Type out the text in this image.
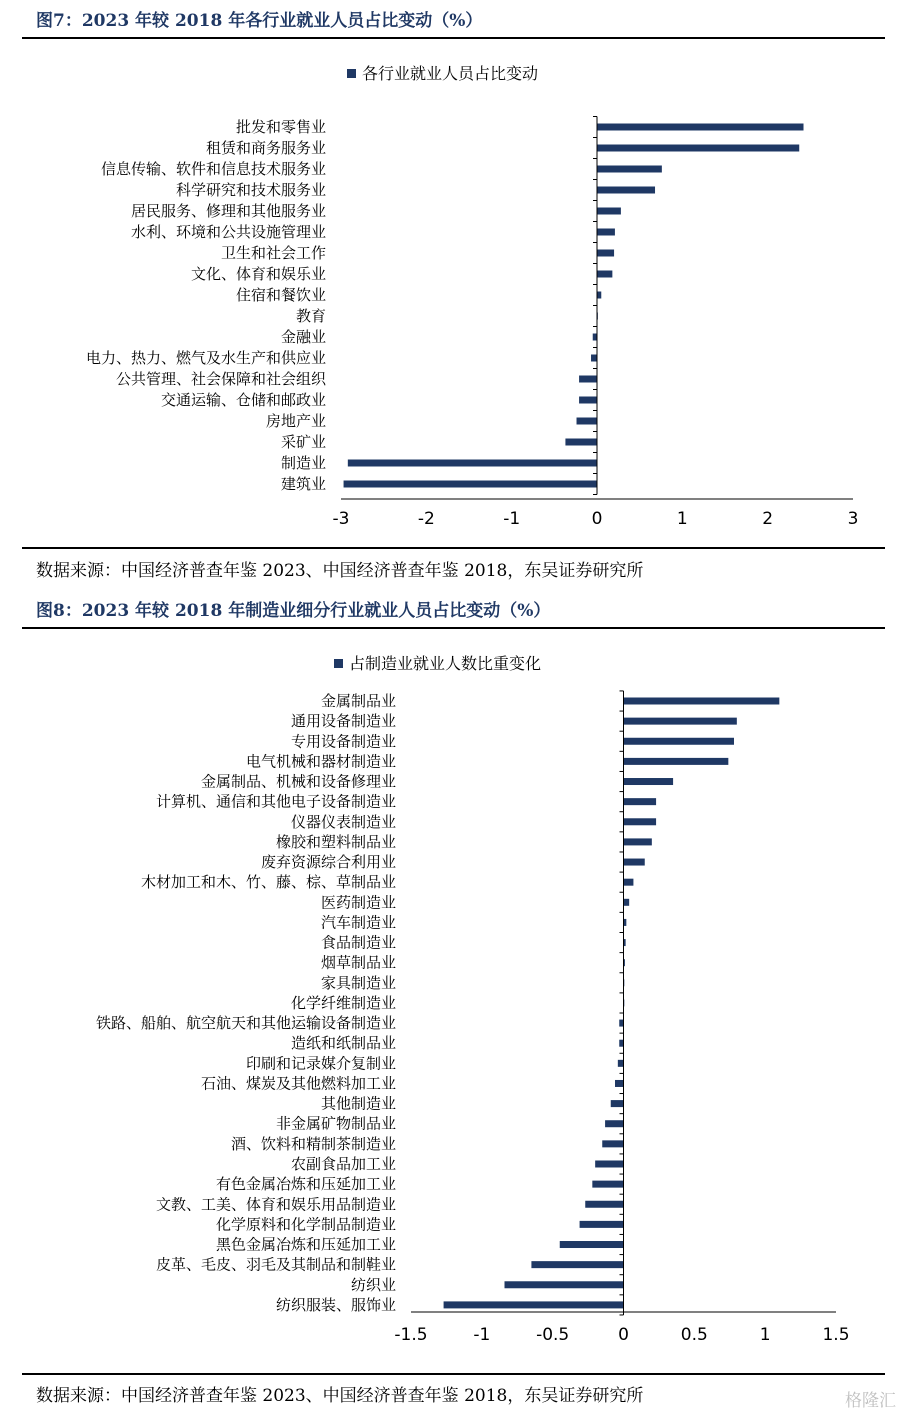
图7：2023 年较 2018 年各行业就业人员占比变动（%）
各行业就业人员占比变动
批发和零售业
租赁和商务服务业
信息传输、软件和信息技术服务业
科学研究和技术服务业
居民服务、修理和其他服务业
水利、环境和公共设施管理业
卫生和社会工作
文化、体育和娱乐业
住宿和餐饮业
教育
金融业
电力、热力、燃气及水生产和供应业
公共管理、社会保障和社会组织
交通运输、仓储和邮政业
房地产业
采矿业
制造业
建筑业
-3	-2	-1	0	1	2	3
数据来源：中国经济普查年鉴 2023、中国经济普查年鉴 2018，东吴证券研究所
图8：2023 年较 2018 年制造业细分行业就业人员占比变动（%）
占制造业就业人数比重变化
金属制品业
通用设备制造业
专用设备制造业
电气机械和器材制造业
金属制品、机械和设备修理业
计算机、通信和其他电子设备制造业
仪器仪表制造业
橡胶和塑料制品业
废弃资源综合利用业
木材加工和木、竹、藤、棕、草制品业
医药制造业
汽车制造业
食品制造业
烟草制品业
家具制造业
化学纤维制造业
铁路、船舶、航空航天和其他运输设备制造业
造纸和纸制品业
印刷和记录媒介复制业
石油、煤炭及其他燃料加工业
其他制造业
非金属矿物制品业
酒、饮料和精制茶制造业
农副食品加工业
有色金属冶炼和压延加工业
文教、工美、体育和娱乐用品制造业
化学原料和化学制品制造业
黑色金属冶炼和压延加工业
皮革、毛皮、羽毛及其制品和制鞋业
纺织业
纺织服装、服饰业
-1.5	-1	-0.5	0	0.5	1	1.5
数据来源：中国经济普查年鉴 2023、中国经济普查年鉴 2018，东吴证券研究所	格隆汇
